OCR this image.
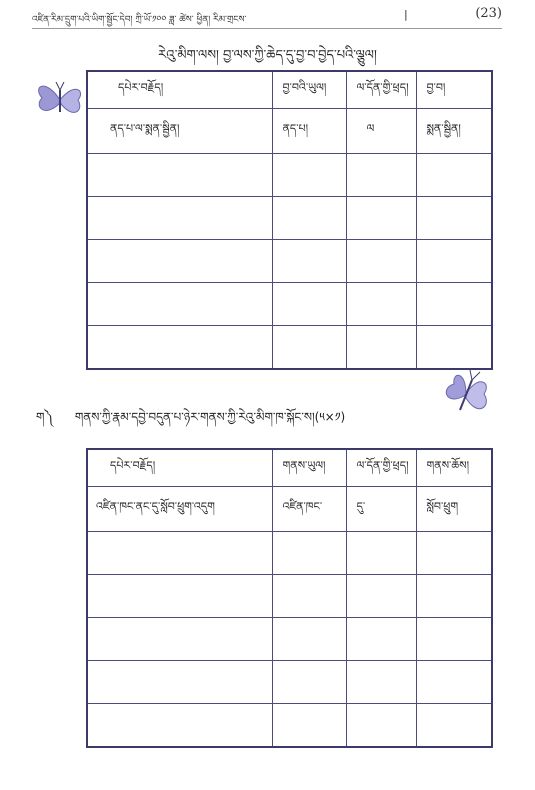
འཛིན་རིམ་དྲུག་པའི་ཡིག་སྦྱོང་དེབ། ཀྲི་ཡོ་༡༠༠ ཟླ་ ཚེས་ ཕྱིན། རིམ་གྲངས་	|	(23)
རེའུ་མིག་ལས། བྱ་ལས་ཀྱི་ཆེད་དུ་བྱ་བ་བྱེད་པའི་ལྕུལ།
དཔེར་བརྗོད།	བྱ་བའི་ཡུལ།	ལ་དོན་གྱི་ཕྲད།	བྱ་བ།
ནད་པ་ལ་སྨན་སྦྱིན།	ནད་པ།	ལ	སྨན་སྦྱིན།

ག༽ གནས་ཀྱི་རྣམ་དབྱེ་བདུན་པ་ཉེར་གནས་ཀྱི་རེའུ་མིག་ཁ་སྐོང་ས།(༥×༡)
དཔེར་བརྗོད།	གནས་ཡུལ།	ལ་དོན་གྱི་ཕྲད།	གནས་ཆོས།
འཛིན་ཁང་ནང་དུ་སློབ་ཕྲུག་འདུག	འཛིན་ཁང་	དུ་	སློབ་ཕྲུག
